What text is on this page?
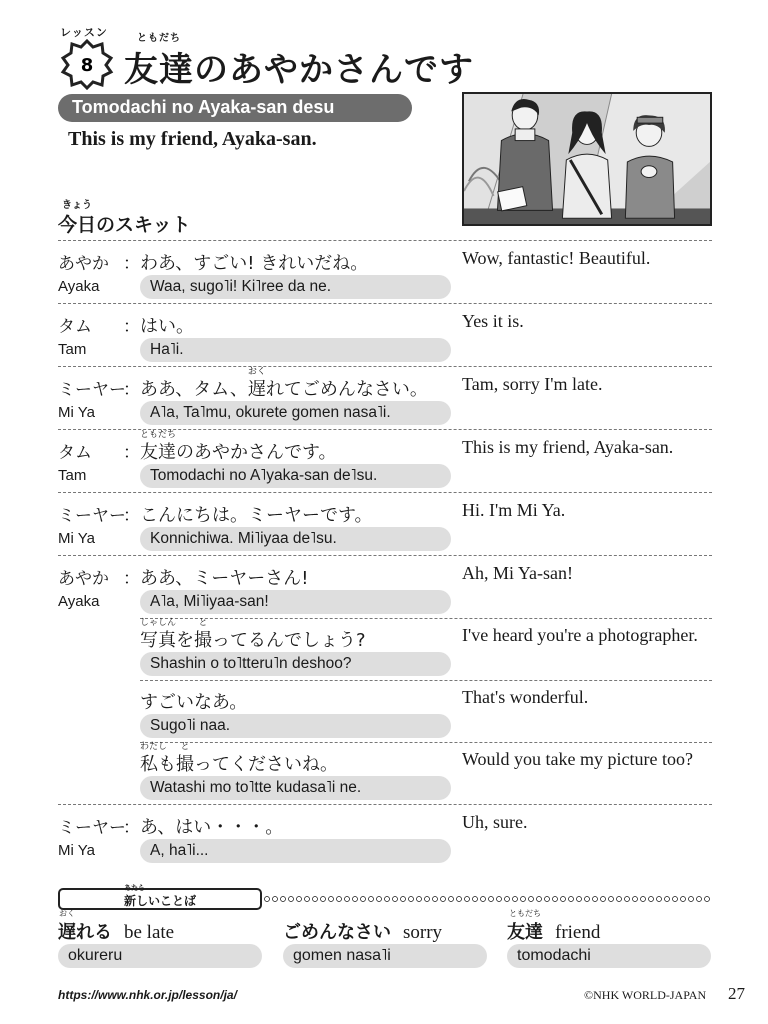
レッスン
8
ともだち
友達のあやかさんです
Tomodachi no Ayaka-san desu
This is my friend, Ayaka-san.
きょう
今日のスキット
あやか ：
Ayaka
わあ、すごい! きれいだね。
Waa, sugo˥i! Ki˥ree da ne.
Wow, fantastic! Beautiful.
タム ：
Tam
はい。
Ha˥i.
Yes it is.
ミーヤー
：
Mi Ya
ああ、タム、
おく
遅れてごめんなさい。
A˥a, Ta˥mu, okurete gomen nasa˥i.
Tam, sorry I'm late.
タム ：
Tam
ともだち
友達のあやかさんです。
Tomodachi no A˥yaka-san de˥su.
This is my friend, Ayaka-san.
ミーヤー
：
Mi Ya
こんにちは。ミーヤーです。
Konnichiwa. Mi˥iyaa de˥su.
Hi. I'm Mi Ya.
あやか ：
Ayaka
ああ、ミーヤーさん!
A˥a, Mi˥iyaa-san!
Ah, Mi Ya-san!
しゃしん
写真を
と
撮ってるんでしょう?
Shashin o to˥tteru˥n deshoo?
I've heard you're a photographer.
すごいなあ。
Sugo˥i naa.
That's wonderful.
わたし
私も
と
撮ってくださいね。
Watashi mo to˥tte kudasa˥i ne.
Would you take my picture too?
ミーヤー
：
Mi Ya
あ、はい・・・。
A, ha˥i...
Uh, sure.
あたら
新しいことば
おく
遅れる be late
okureru
ごめんなさい sorry
gomen nasa˥i
ともだち
友達 friend
tomodachi
https://www.nhk.or.jp/lesson/ja/	©NHK WORLD-JAPAN 27
